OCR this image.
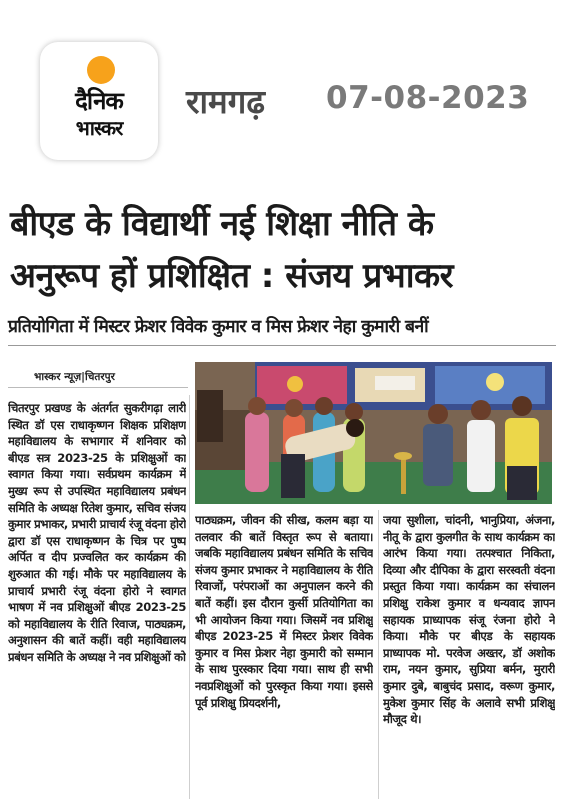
दैनिक
भास्कर
रामगढ़ 07-08-2023
बीएड के विद्यार्थी नई शिक्षा नीति के
अनुरूप हों प्रशिक्षित : संजय प्रभाकर
प्रतियोगिता में मिस्टर फ्रेशर विवेक कुमार व मिस फ्रेशर नेहा कुमारी बनीं
भास्कर न्यूज़|चितरपुर
चितरपुर प्रखण्ड के अंतर्गत सुकरीगढ़ा लारी स्थित डॉ एस राधाकृष्णन शिक्षक प्रशिक्षण महाविद्यालय के सभागार में शनिवार को बीएड सत्र 2023-25 के प्रशिक्षुओं का स्वागत किया गया। सर्वप्रथम कार्यक्रम में मुख्य रूप से उपस्थित महाविद्यालय प्रबंधन समिति के अध्यक्ष रितेश कुमार, सचिव संजय कुमार प्रभाकर, प्रभारी प्राचार्य रंजू वंदना होरो द्वारा डॉ एस राधाकृष्णन के चित्र पर पुष्प अर्पित व दीप प्रज्वलित कर कार्यक्रम की शुरुआत की गई। मौके पर महाविद्यालय के प्राचार्य प्रभारी रंजू वंदना होरो ने स्वागत भाषण में नव प्रशिक्षुओं बीएड 2023-25 को महाविद्यालय के रीति रिवाज, पाठ्यक्रम, अनुशासन की बातें कहीं। वही महाविद्यालय प्रबंधन समिति के अध्यक्ष ने नव प्रशिक्षुओं को
पाठ्यक्रम, जीवन की सीख, कलम बड़ा या तलवार की बातें विस्तृत रूप से बताया। जबकि महाविद्यालय प्रबंधन समिति के सचिव संजय कुमार प्रभाकर ने महाविद्यालय के रीति रिवाजों, परंपराओं का अनुपालन करने की बातें कहीं। इस दौरान कुर्सी प्रतियोगिता का भी आयोजन किया गया। जिसमें नव प्रशिक्षु बीएड 2023-25 में मिस्टर फ्रेशर विवेक कुमार व मिस फ्रेशर नेहा कुमारी को सम्मान के साथ पुरस्कार दिया गया। साथ ही सभी नवप्रशिक्षुओं को पुरस्कृत किया गया। इससे पूर्व प्रशिक्षु प्रियदर्शनी,
जया सुशीला, चांदनी, भानुप्रिया, अंजना, नीतू के द्वारा कुलगीत के साथ कार्यक्रम का आरंभ किया गया। तत्पश्चात निकिता, दिव्या और दीपिका के द्वारा सरस्वती वंदना प्रस्तुत किया गया। कार्यक्रम का संचालन प्रशिक्षु राकेश कुमार व धन्यवाद ज्ञापन सहायक प्राध्यापक संजू रंजना होरो ने किया। मौके पर बीएड के सहायक प्राध्यापक मो. परवेज अख्तर, डॉ अशोक राम, नयन कुमार, सुप्रिया बर्मन, मुरारी कुमार दुबे, बाबुचंद प्रसाद, वरूण कुमार, मुकेश कुमार सिंह के अलावे सभी प्रशिक्षु मौजूद थे।
